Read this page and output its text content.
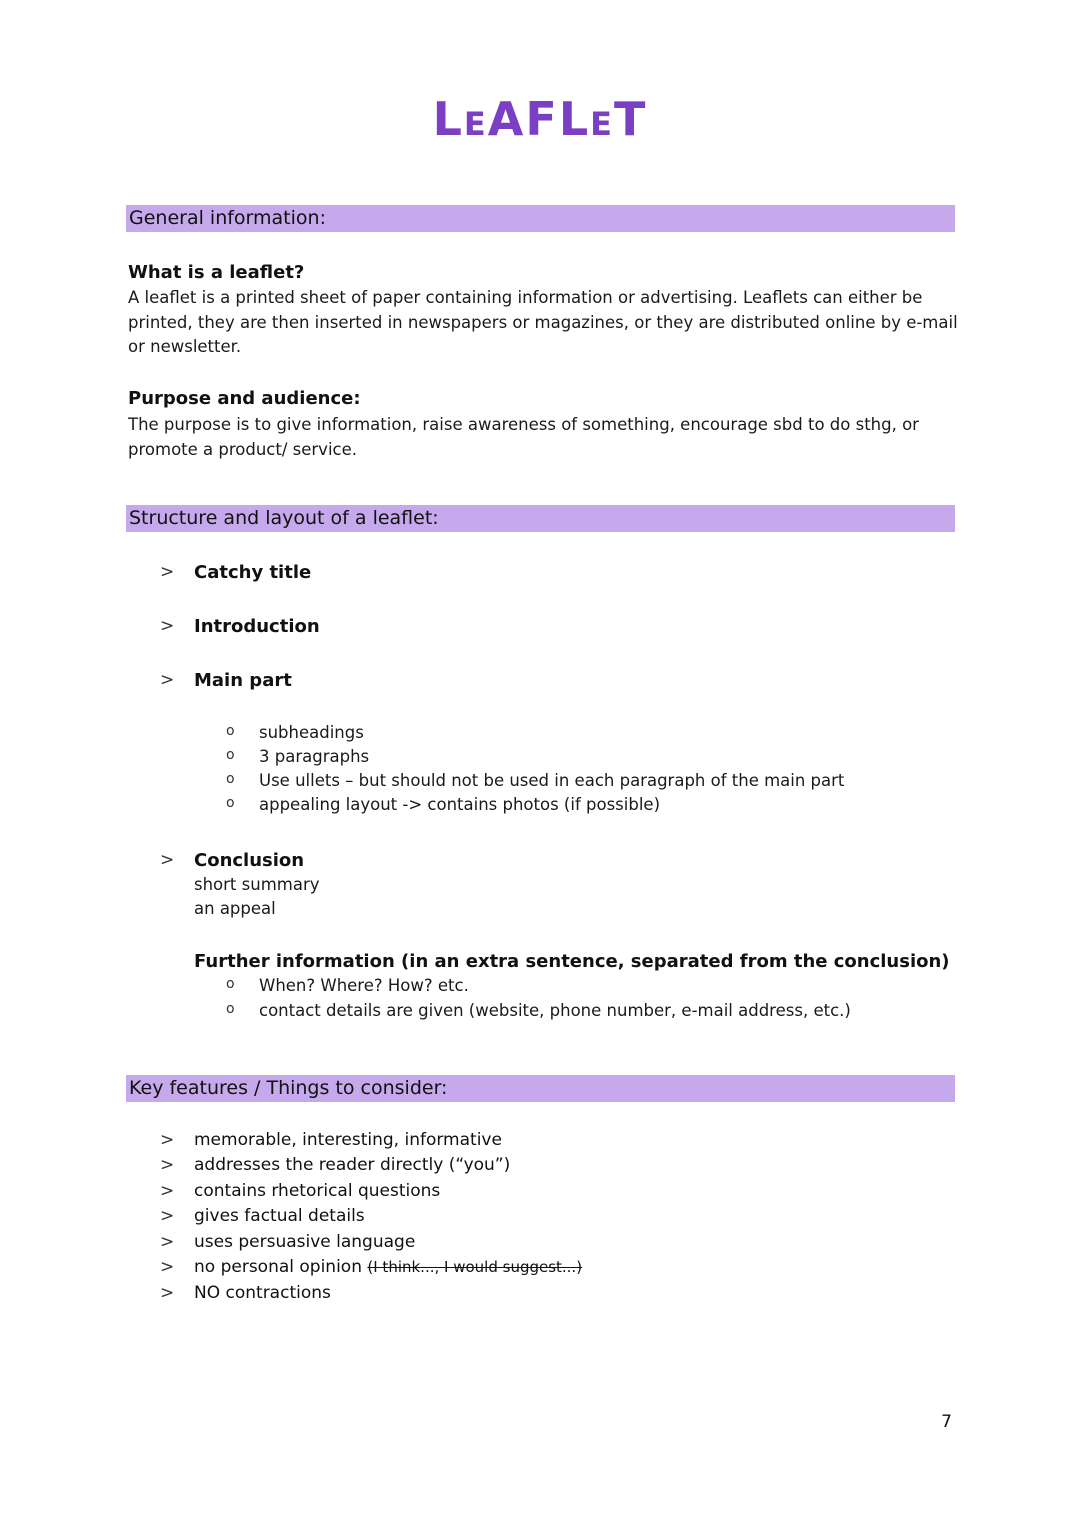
LeAFLeT
General information:
What is a leaflet?
A leaflet is a printed sheet of paper containing information or advertising. Leaflets can either be printed, they are then inserted in newspapers or magazines, or they are distributed online by e-mail or newsletter.
Purpose and audience:
The purpose is to give information, raise awareness of something, encourage sbd to do sthg, or promote a product/ service.
Structure and layout of a leaflet:
>	Catchy title
>	Introduction
>	Main part
o subheadings
o 3 paragraphs
o Use ullets – but should not be used in each paragraph of the main part
o appealing layout -> contains photos (if possible)
>	Conclusion
short summary
an appeal
Further information (in an extra sentence, separated from the conclusion)
o When? Where? How? etc.
o contact details are given (website, phone number, e-mail address, etc.)
Key features / Things to consider:
>	memorable, interesting, informative
>	addresses the reader directly (“you”)
>	contains rhetorical questions
>	gives factual details
>	uses persuasive language
>	no personal opinion (I think..., I would suggest...)
>	NO contractions
7
